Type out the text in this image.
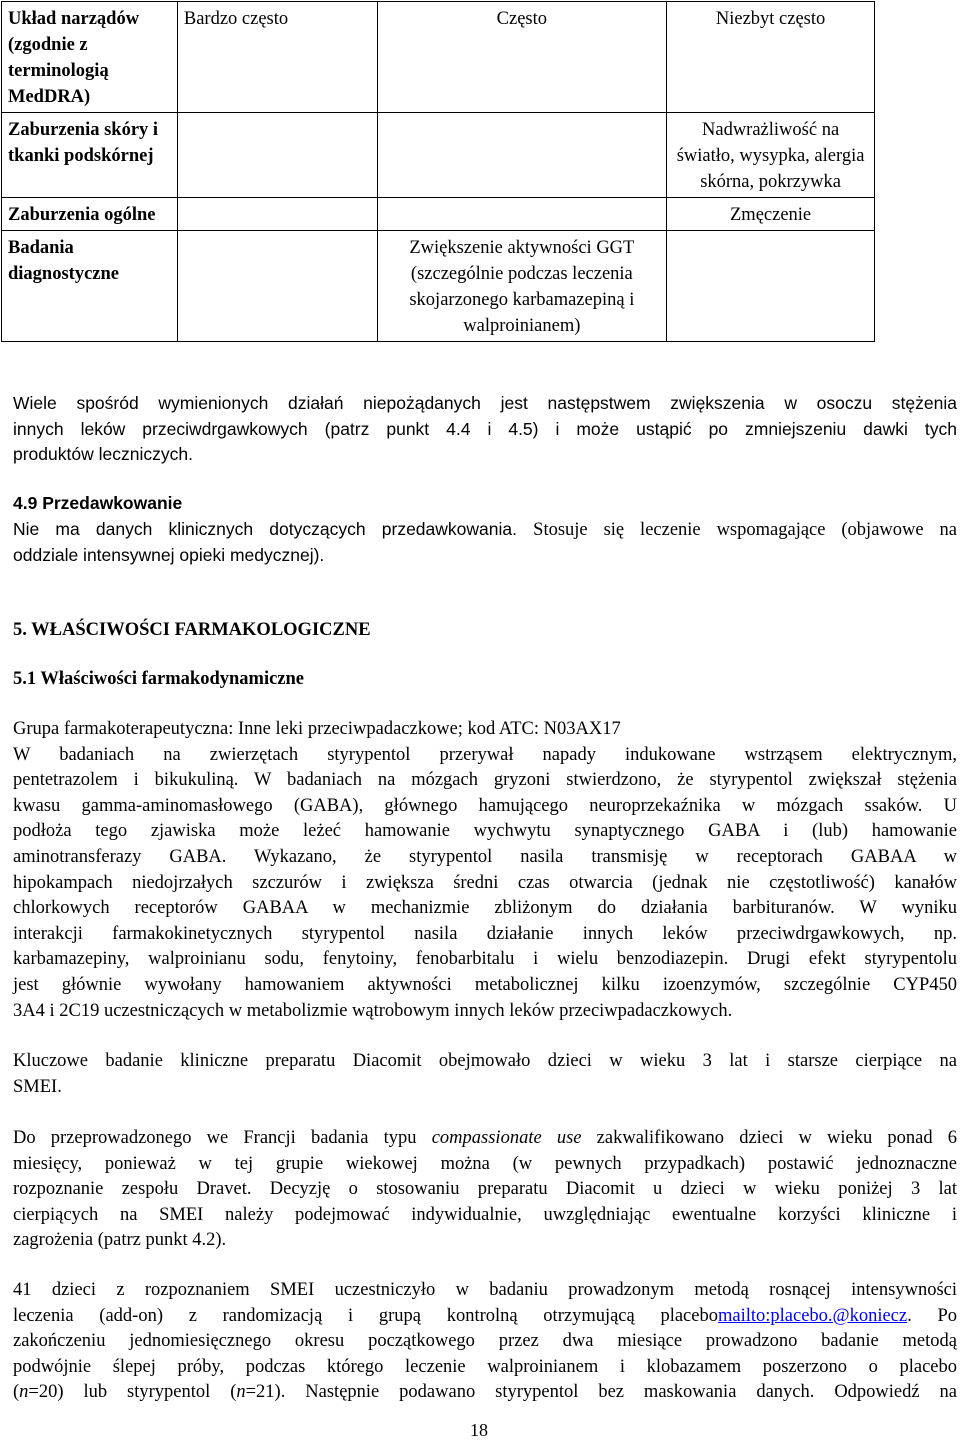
Układ narządów (zgodnie z terminologią MedDRA)	Bardzo często	Często	Niezbyt często
Zaburzenia skóry i tkanki podskórnej			Nadwrażliwość na światło, wysypka, alergia skórna, pokrzywka
Zaburzenia ogólne			Zmęczenie
Badania diagnostyczne		Zwiększenie aktywności GGT (szczególnie podczas leczenia skojarzonego karbamazepiną i walproinianem)	
Wiele spośród wymienionych działań niepożądanych jest następstwem zwiększenia w osoczu stężenia
innych leków przeciwdrgawkowych (patrz punkt 4.4 i 4.5) i może ustąpić po zmniejszeniu dawki tych
produktów leczniczych.
4.9 Przedawkowanie
Nie ma danych klinicznych dotyczących przedawkowania. Stosuje się leczenie wspomagające (objawowe na
oddziale intensywnej opieki medycznej).
5. WŁAŚCIWOŚCI FARMAKOLOGICZNE
5.1 Właściwości farmakodynamiczne
Grupa farmakoterapeutyczna: Inne leki przeciwpadaczkowe; kod ATC: N03AX17
W badaniach na zwierzętach styrypentol przerywał napady indukowane wstrząsem elektrycznym,
pentetrazolem i bikukuliną. W badaniach na mózgach gryzoni stwierdzono, że styrypentol zwiększał stężenia
kwasu gamma-aminomasłowego (GABA), głównego hamującego neuroprzekaźnika w mózgach ssaków. U
podłoża tego zjawiska może leżeć hamowanie wychwytu synaptycznego GABA i (lub) hamowanie
aminotransferazy GABA. Wykazano, że styrypentol nasila transmisję w receptorach GABAA w
hipokampach niedojrzałych szczurów i zwiększa średni czas otwarcia (jednak nie częstotliwość) kanałów
chlorkowych receptorów GABAA w mechanizmie zbliżonym do działania barbituranów. W wyniku
interakcji farmakokinetycznych styrypentol nasila działanie innych leków przeciwdrgawkowych, np.
karbamazepiny, walproinianu sodu, fenytoiny, fenobarbitalu i wielu benzodiazepin. Drugi efekt styrypentolu
jest głównie wywołany hamowaniem aktywności metabolicznej kilku izoenzymów, szczególnie CYP450
3A4 i 2C19 uczestniczących w metabolizmie wątrobowym innych leków przeciwpadaczkowych.
Kluczowe badanie kliniczne preparatu Diacomit obejmowało dzieci w wieku 3 lat i starsze cierpiące na
SMEI.
Do przeprowadzonego we Francji badania typu compassionate use zakwalifikowano dzieci w wieku ponad 6
miesięcy, ponieważ w tej grupie wiekowej można (w pewnych przypadkach) postawić jednoznaczne
rozpoznanie zespołu Dravet. Decyzję o stosowaniu preparatu Diacomit u dzieci w wieku poniżej 3 lat
cierpiących na SMEI należy podejmować indywidualnie, uwzględniając ewentualne korzyści kliniczne i
zagrożenia (patrz punkt 4.2).
41 dzieci z rozpoznaniem SMEI uczestniczyło w badaniu prowadzonym metodą rosnącej intensywności
leczenia (add-on) z randomizacją i grupą kontrolną otrzymującą placebomailto:placebo.@koniecz. Po
zakończeniu jednomiesięcznego okresu początkowego przez dwa miesiące prowadzono badanie metodą
podwójnie ślepej próby, podczas którego leczenie walproinianem i klobazamem poszerzono o placebo
(n=20) lub styrypentol (n=21). Następnie podawano styrypentol bez maskowania danych. Odpowiedź na
18
